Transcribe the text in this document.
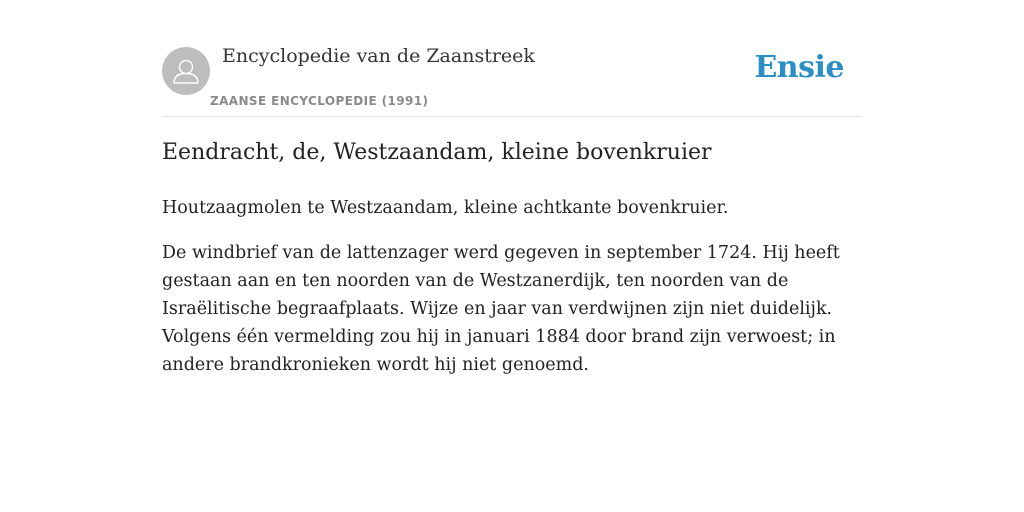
Encyclopedie van de Zaanstreek
ZAANSE ENCYCLOPEDIE (1991)
Ensie
Eendracht, de, Westzaandam, kleine bovenkruier

Houtzaagmolen te Westzaandam, kleine achtkante bovenkruier.

De windbrief van de lattenzager werd gegeven in september 1724. Hij heeft gestaan aan en ten noorden van de Westzanerdijk, ten noorden van de Israëlitische begraafplaats. Wijze en jaar van verdwijnen zijn niet duidelijk. Volgens één vermelding zou hij in januari 1884 door brand zijn verwoest; in andere brandkronieken wordt hij niet genoemd.
